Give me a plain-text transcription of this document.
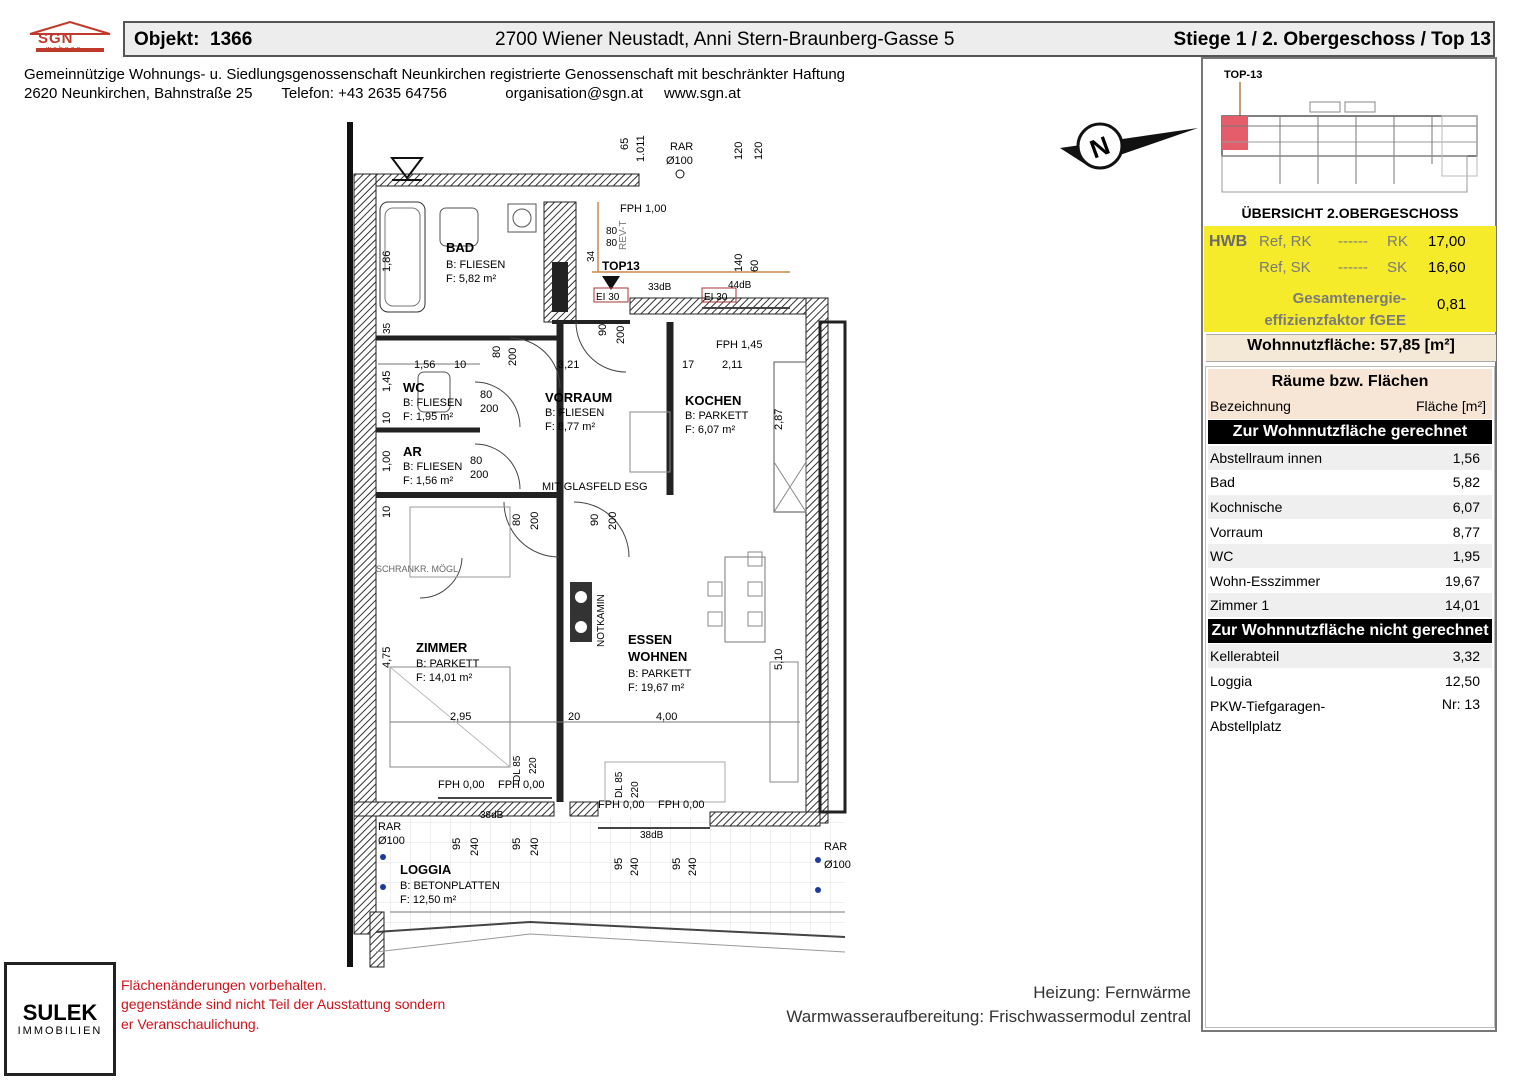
SGN
wohnen	Objekt:  1366	2700 Wiener Neustadt, Anni Stern-Braunberg-Gasse 5	Stiege 1 / 2. Obergeschoss / Top 13
Gemeinnützige Wohnungs- u. Siedlungsgenossenschaft Neunkirchen registrierte Genossenschaft mit beschränkter Haftung
2620 Neunkirchen, Bahnstraße 25       Telefon: +43 2635 64756              organisation@sgn.at     www.sgn.at
N
TOP-13
ÜBERSICHT 2.OBERGESCHOSS
HWB Ref, RK ------ RK 17,00
Ref, SK ------ SK 16,60
Gesamtenergie-
effizienzfaktor fGEE
0,81
Wohnnutzfläche: 57,85 [m²]
Räume bzw. Flächen
Bezeichnung	Fläche [m²]
Zur Wohnnutzfläche gerechnet
Abstellraum innen	1,56
Bad	5,82
Kochnische	6,07
Vorraum	8,77
WC	1,95
Wohn-Esszimmer	19,67
Zimmer 1	14,01
Zur Wohnnutzfläche nicht gerechnet
Kellerabteil	3,32
Loggia	12,50
PKW-Tiefgaragen-Abstellplatz
Nr: 13
BAD
B: FLIESEN
F: 5,82 m²
WC
B: FLIESEN
F: 1,95 m²
AR
B: FLIESEN
F: 1,56 m²
VORRAUM
B: FLIESEN
F: 8,77 m²
KOCHEN
B: PARKETT
F: 6,07 m²
ZIMMER
B: PARKETT
F: 14,01 m²
ESSEN
WOHNEN
B: PARKETT
F: 19,67 m²
LOGGIA
B: BETONPLATTEN
F: 12,50 m²
TOP13
RAR
Ø100
FPH 1,00
FPH 1,45
33dB	44dB
38dB
38dB
EI 30	EI 30
MIT GLASFELD ESG
SCHRANKR. MÖGL.
NOTKAMIN
FPH 0,00 FPH 0,00
FPH 0,00 FPH 0,00
RAR
Ø100	RAR
Ø100
DL 85
DL 85
REV-T
65 1.011	120 120
140 60
34
80
80
90 200
80 200	3,21	2,11
17
1,56 10
1,45
10
1,00
10
1,86
35
80
200
80
200
80 200	90 200
4,75
2,95	20	4,00
5,10
2,87
220
220
95 240	95 240
95 240	95 240
SULEK
IMMOBILIEN
Flächenänderungen vorbehalten.
gegenstände sind nicht Teil der Ausstattung sondern
er Veranschaulichung.
Heizung: Fernwärme
Warmwasseraufbereitung: Frischwassermodul zentral
